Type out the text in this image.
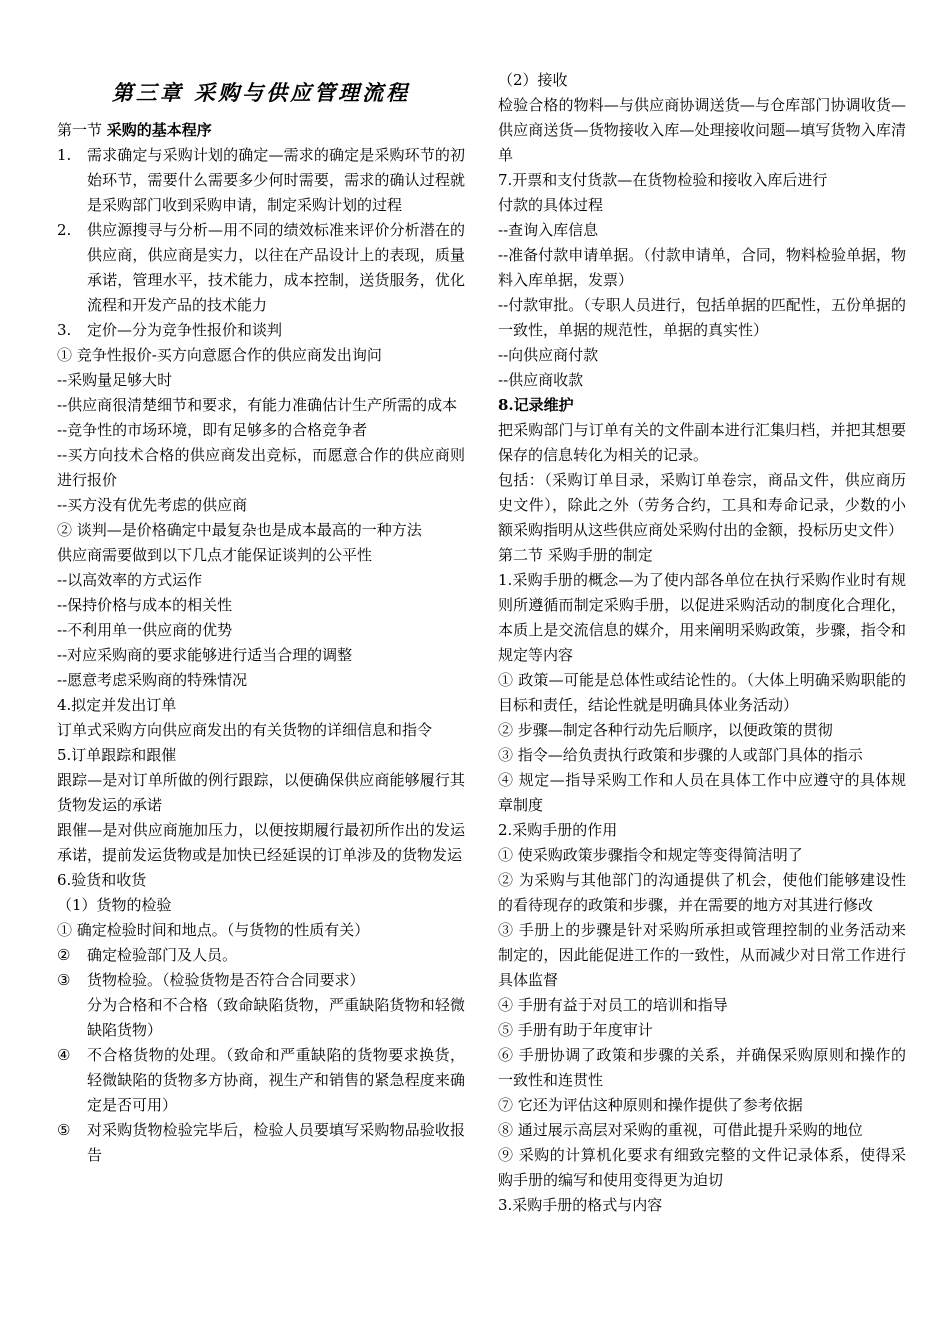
第三章 采购与供应管理流程

第一节 采购的基本程序

1.	需求确定与采购计划的确定—需求的确定是采购环节的初始环节，需要什么需要多少何时需要，需求的确认过程就是采购部门收到采购申请，制定采购计划的过程
2.	供应源搜寻与分析—用不同的绩效标准来评价分析潜在的供应商，供应商是实力，以往在产品设计上的表现，质量承诺，管理水平，技术能力，成本控制，送货服务，优化流程和开发产品的技术能力
3.	定价—分为竞争性报价和谈判

① 竞争性报价-买方向意愿合作的供应商发出询问

--采购量足够大时

--供应商很清楚细节和要求，有能力准确估计生产所需的成本

--竞争性的市场环境，即有足够多的合格竞争者

--买方向技术合格的供应商发出竞标，而愿意合作的供应商则进行报价

--买方没有优先考虑的供应商

② 谈判—是价格确定中最复杂也是成本最高的一种方法

供应商需要做到以下几点才能保证谈判的公平性

--以高效率的方式运作

--保持价格与成本的相关性

--不利用单一供应商的优势

--对应采购商的要求能够进行适当合理的调整

--愿意考虑采购商的特殊情况

4.拟定并发出订单

订单式采购方向供应商发出的有关货物的详细信息和指令

5.订单跟踪和跟催

跟踪—是对订单所做的例行跟踪，以便确保供应商能够履行其货物发运的承诺

跟催—是对供应商施加压力，以便按期履行最初所作出的发运承诺，提前发运货物或是加快已经延误的订单涉及的货物发运

6.验货和收货

（1）货物的检验

① 确定检验时间和地点。（与货物的性质有关）

②	确定检验部门及人员。
③	货物检验。（检验货物是否符合合同要求）

分为合格和不合格（致命缺陷货物，严重缺陷货物和轻微缺陷货物）

④	不合格货物的处理。（致命和严重缺陷的货物要求换货，轻微缺陷的货物多方协商，视生产和销售的紧急程度来确定是否可用）
⑤	对采购货物检验完毕后，检验人员要填写采购物品验收报告

（2）接收

检验合格的物料—与供应商协调送货—与仓库部门协调收货—供应商送货—货物接收入库—处理接收问题—填写货物入库清单

7.开票和支付货款—在货物检验和接收入库后进行

付款的具体过程

--查询入库信息

--准备付款申请单据。（付款申请单，合同，物料检验单据，物料入库单据，发票）

--付款审批。（专职人员进行，包括单据的匹配性，五份单据的一致性，单据的规范性，单据的真实性）

--向供应商付款

--供应商收款

8.记录维护

把采购部门与订单有关的文件副本进行汇集归档，并把其想要保存的信息转化为相关的记录。

包括：（采购订单目录，采购订单卷宗，商品文件，供应商历史文件），除此之外（劳务合约，工具和寿命记录，少数的小额采购指明从这些供应商处采购付出的金额，投标历史文件）

第二节 采购手册的制定

1.采购手册的概念—为了使内部各单位在执行采购作业时有规则所遵循而制定采购手册，以促进采购活动的制度化合理化，本质上是交流信息的媒介，用来阐明采购政策，步骤，指令和规定等内容

① 政策—可能是总体性或结论性的。（大体上明确采购职能的目标和责任，结论性就是明确具体业务活动）

② 步骤—制定各种行动先后顺序，以便政策的贯彻

③ 指令—给负责执行政策和步骤的人或部门具体的指示

④ 规定—指导采购工作和人员在具体工作中应遵守的具体规章制度

2.采购手册的作用

① 使采购政策步骤指令和规定等变得简洁明了

② 为采购与其他部门的沟通提供了机会，使他们能够建设性的看待现存的政策和步骤，并在需要的地方对其进行修改

③ 手册上的步骤是针对采购所承担或管理控制的业务活动来制定的，因此能促进工作的一致性，从而减少对日常工作进行具体监督

④ 手册有益于对员工的培训和指导

⑤ 手册有助于年度审计

⑥ 手册协调了政策和步骤的关系，并确保采购原则和操作的一致性和连贯性

⑦ 它还为评估这种原则和操作提供了参考依据

⑧ 通过展示高层对采购的重视，可借此提升采购的地位

⑨ 采购的计算机化要求有细致完整的文件记录体系，使得采购手册的编写和使用变得更为迫切

3.采购手册的格式与内容
